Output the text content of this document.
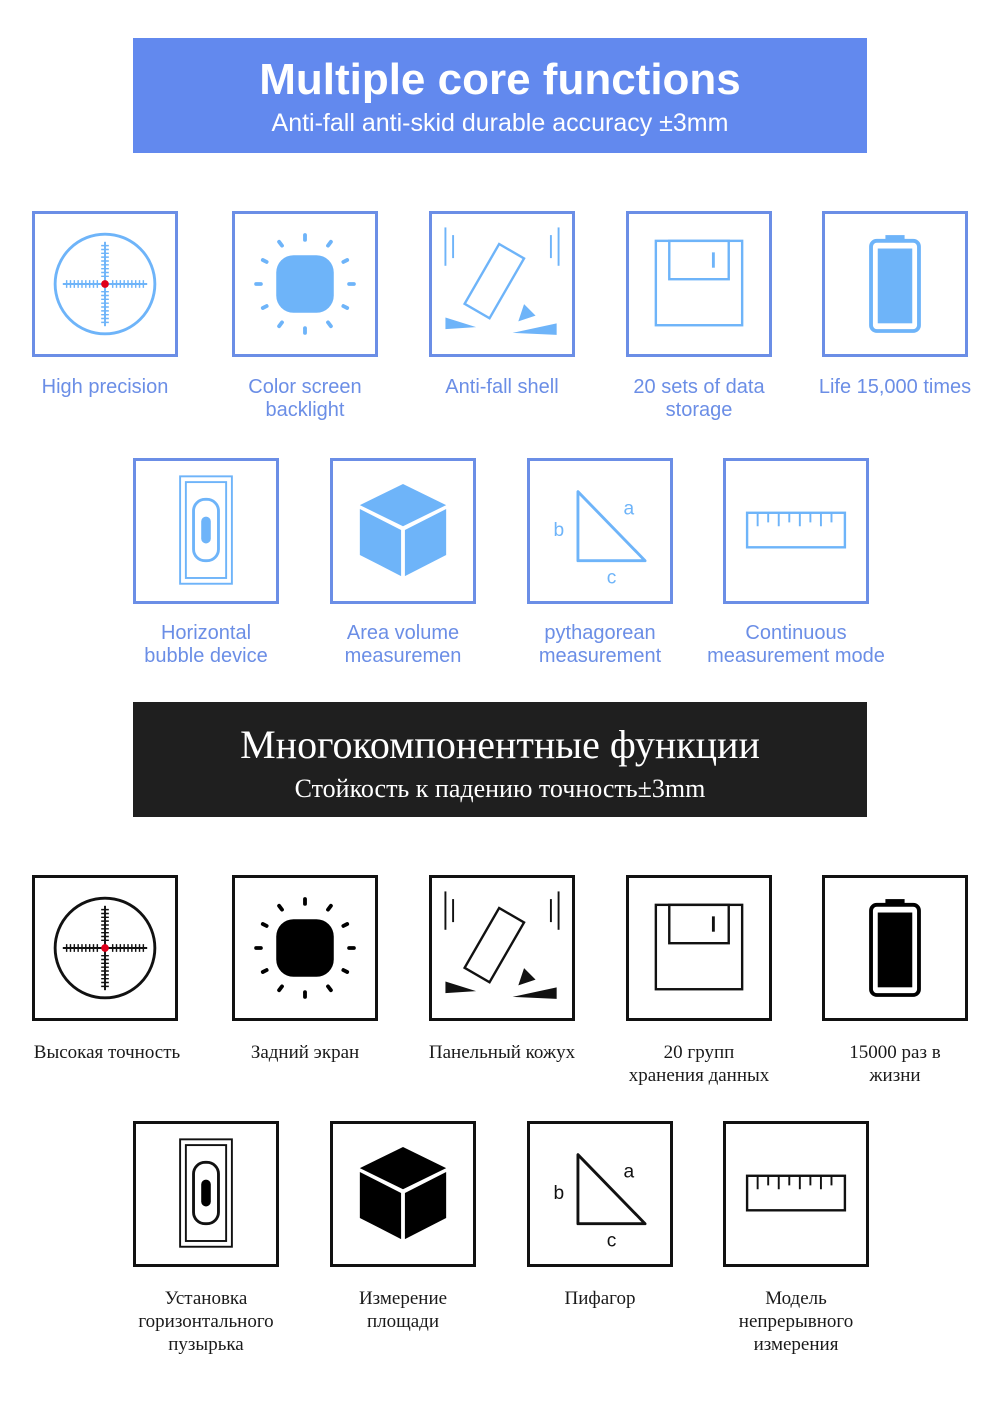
Multiple core functions
Anti-fall anti-skid durable accuracy ±3mm
a
b
c
High precision	Color screen
backlight
Anti-fall shell	20 sets of data
storage
Life 15,000 times
Horizontal
bubble device
Area volume
measuremen
pythagorean
measurement
Continuous
measurement mode
Многокомпонентные функции
Стойкость к падению точность±3mm
a
b
c
Высокая точность	Задний экран	Панельный кожух	20 групп
хранения данных
15000 раз в
жизни
Установка
горизонтального
пузырька
Измерение
площади
Пифагор	Модель
непрерывного
измерения
